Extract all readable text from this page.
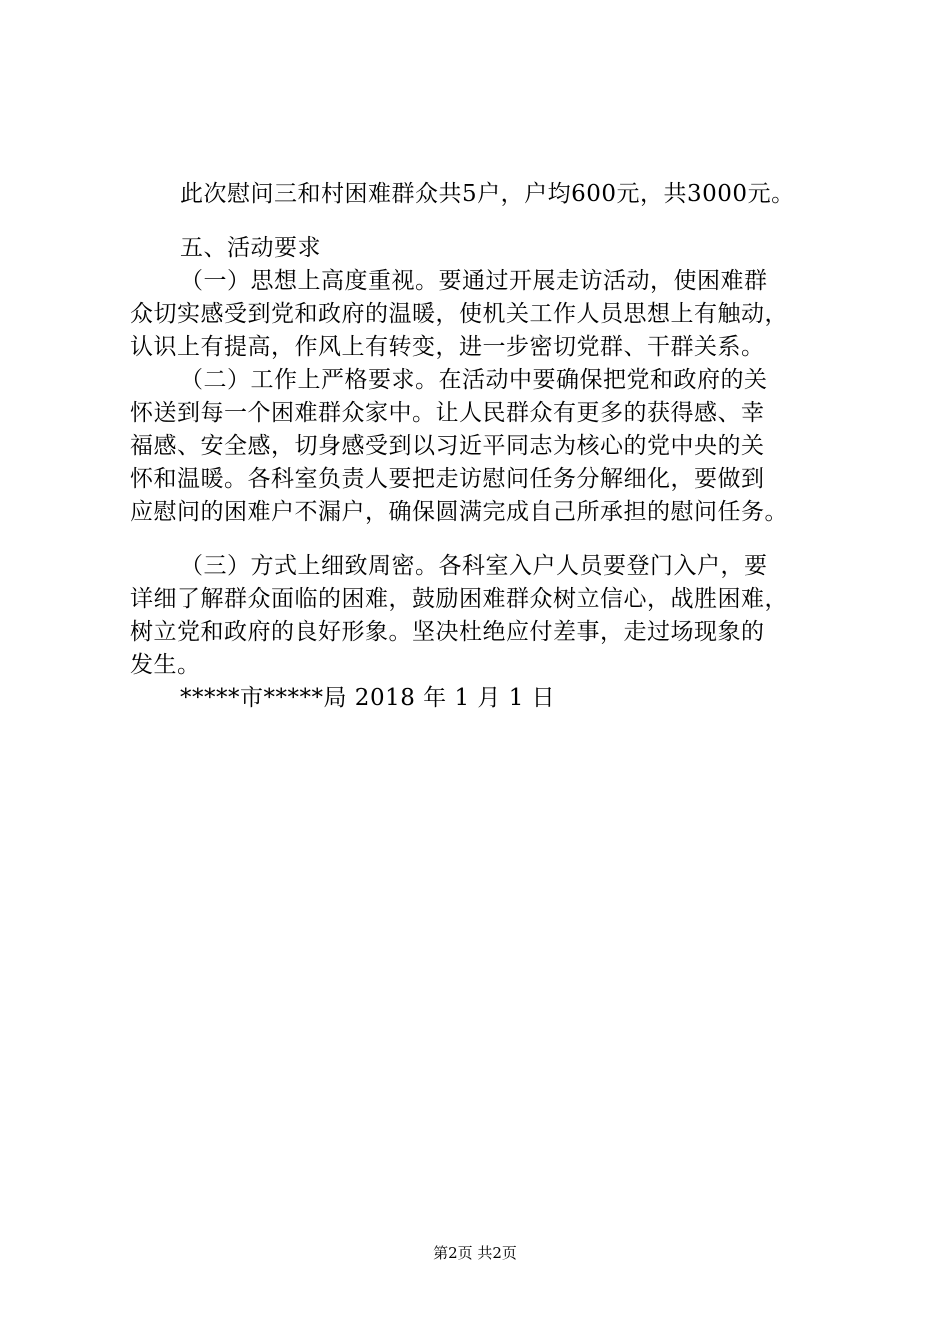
此次慰问三和村困难群众共5户，户均600元，共3000元。
五、活动要求
（一）思想上高度重视。要通过开展走访活动，使困难群
众切实感受到党和政府的温暖，使机关工作人员思想上有触动，
认识上有提高，作风上有转变，进一步密切党群、干群关系。
（二）工作上严格要求。在活动中要确保把党和政府的关
怀送到每一个困难群众家中。让人民群众有更多的获得感、幸
福感、安全感，切身感受到以习近平同志为核心的党中央的关
怀和温暖。各科室负责人要把走访慰问任务分解细化，要做到
应慰问的困难户不漏户，确保圆满完成自己所承担的慰问任务。
（三）方式上细致周密。各科室入户人员要登门入户，要
详细了解群众面临的困难，鼓励困难群众树立信心，战胜困难，
树立党和政府的良好形象。坚决杜绝应付差事，走过场现象的
发生。
*****市*****局 2018 年 1 月 1 日
第2页 共2页
